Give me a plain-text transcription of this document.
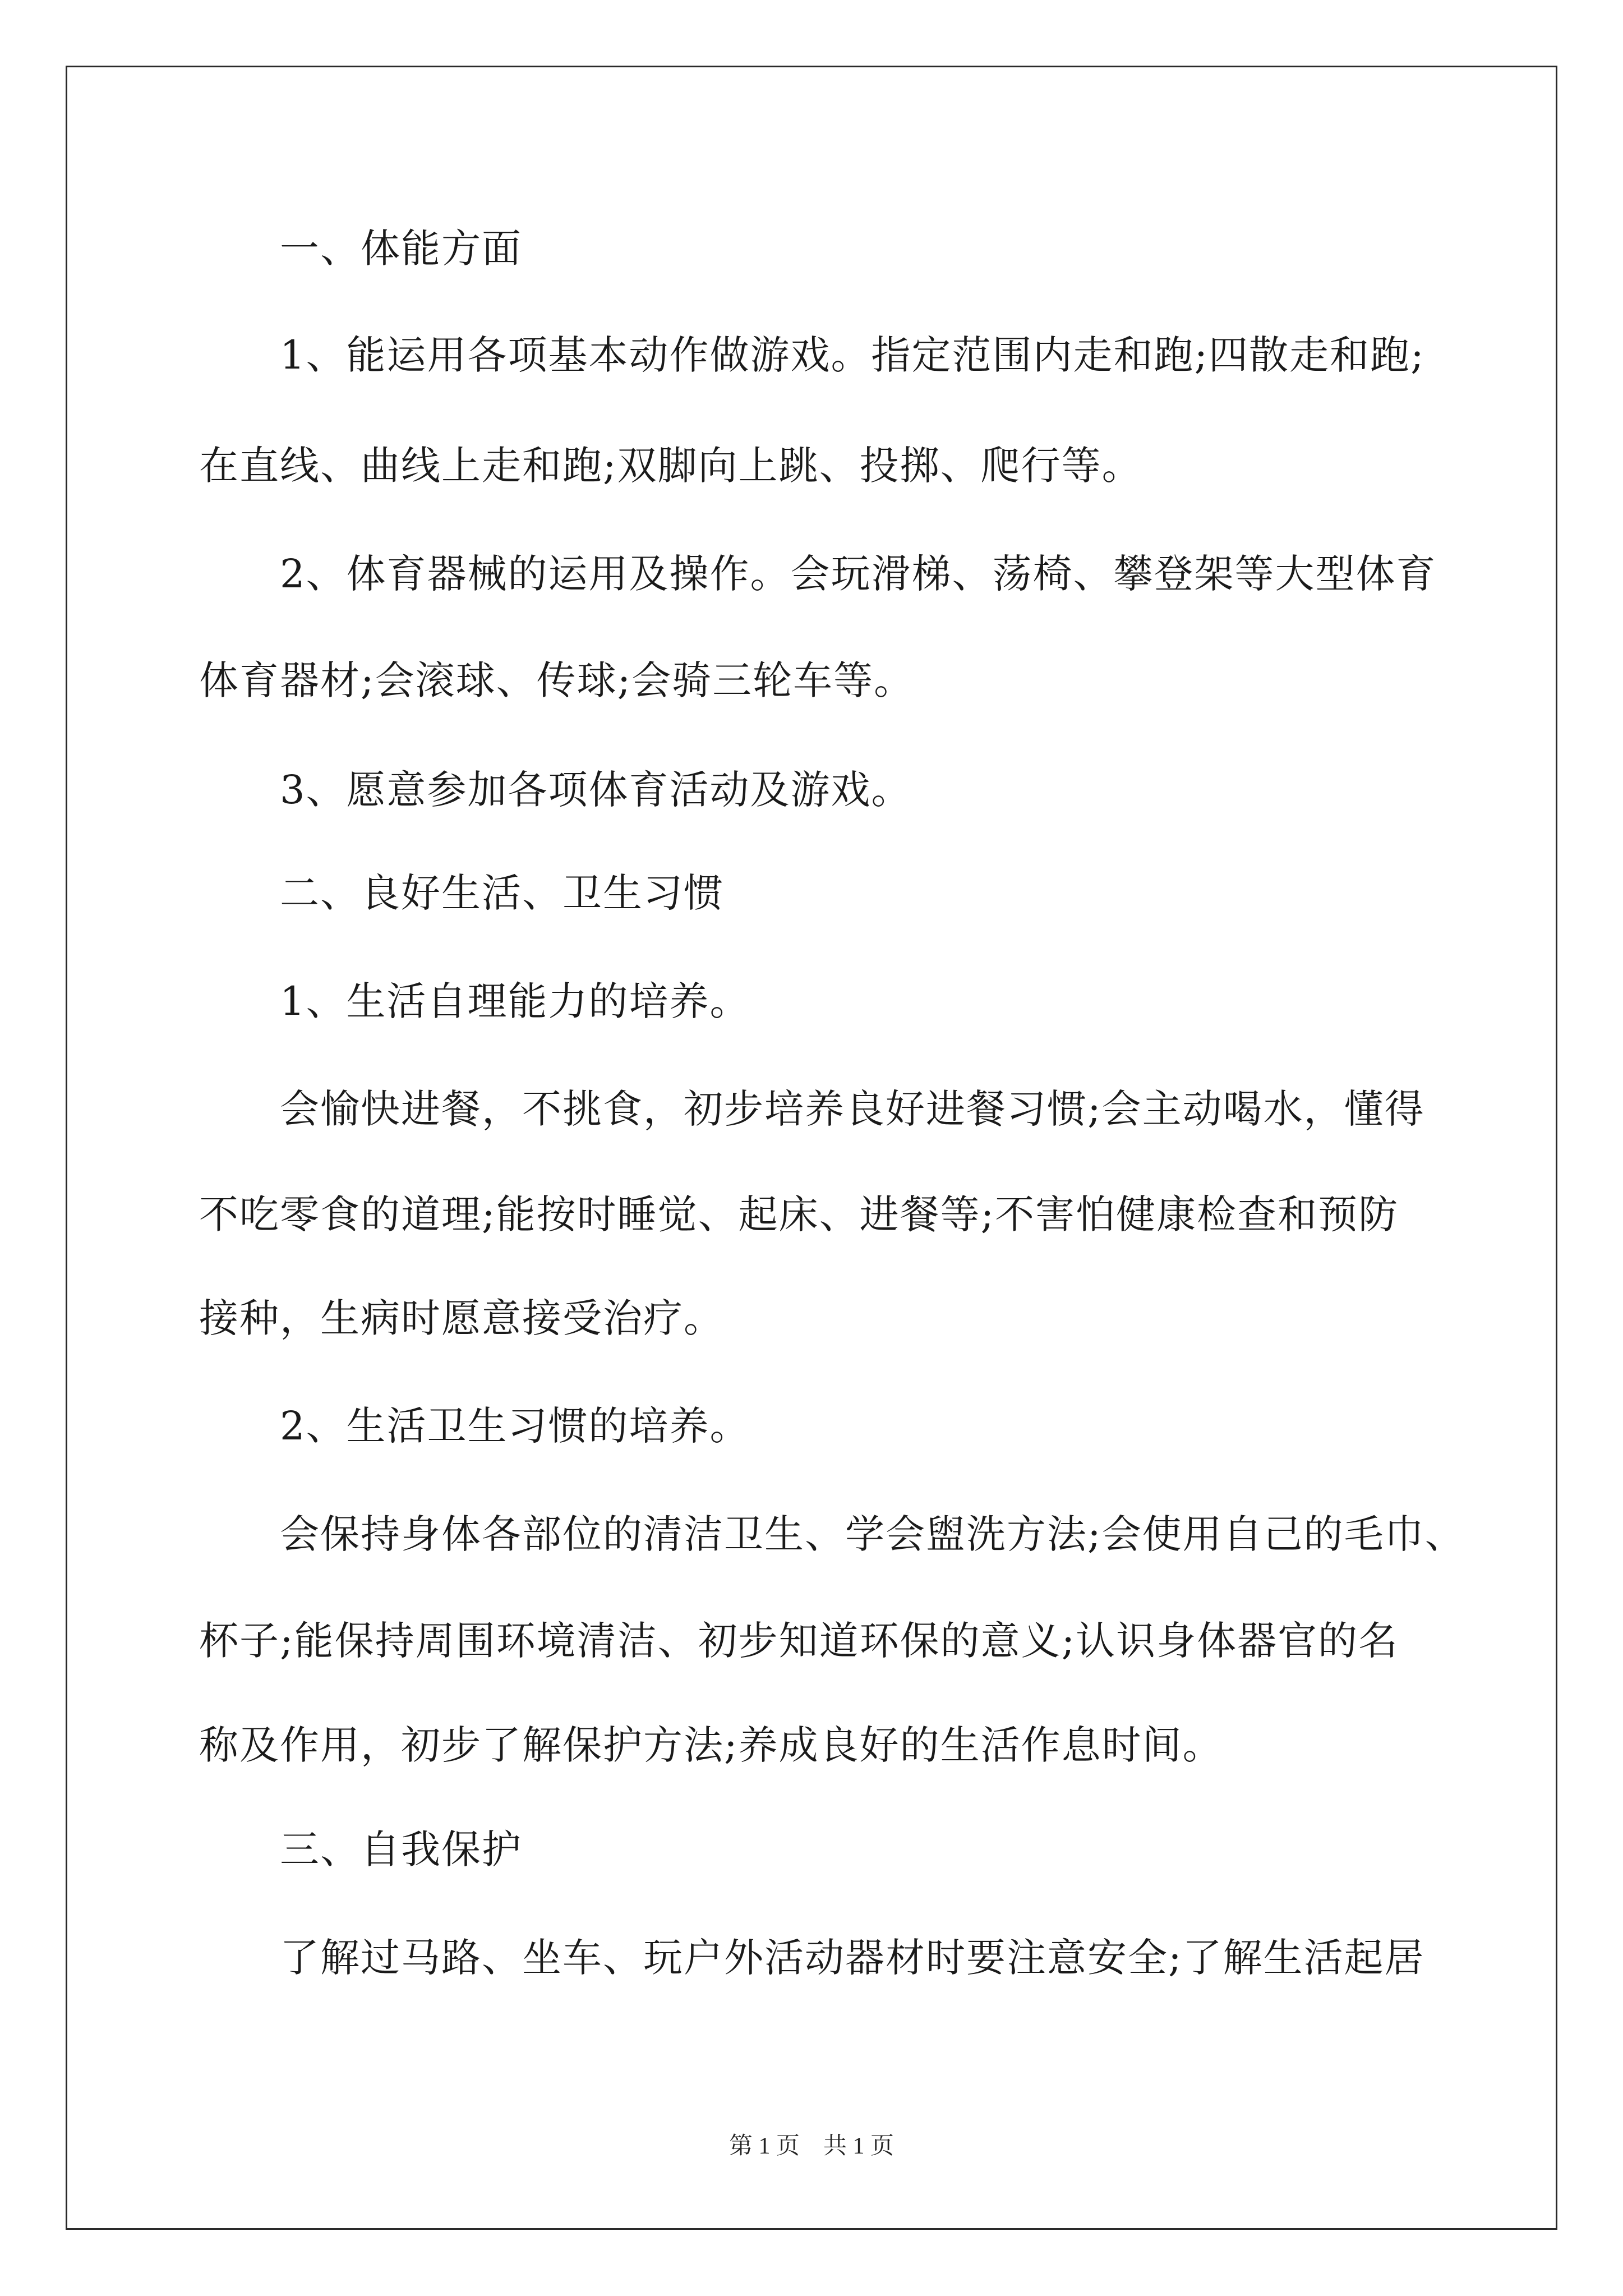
　　一、体能方面
　　1、能运用各项基本动作做游戏。指定范围内走和跑;四散走和跑;
在直线、曲线上走和跑;双脚向上跳、投掷、爬行等。
　　2、体育器械的运用及操作。会玩滑梯、荡椅、攀登架等大型体育
体育器材;会滚球、传球;会骑三轮车等。
　　3、愿意参加各项体育活动及游戏。
　　二、良好生活、卫生习惯
　　1、生活自理能力的培养。
　　会愉快进餐，不挑食，初步培养良好进餐习惯;会主动喝水，懂得
不吃零食的道理;能按时睡觉、起床、进餐等;不害怕健康检查和预防
接种，生病时愿意接受治疗。
　　2、生活卫生习惯的培养。
　　会保持身体各部位的清洁卫生、学会盥洗方法;会使用自己的毛巾、
杯子;能保持周围环境清洁、初步知道环保的意义;认识身体器官的名
称及作用，初步了解保护方法;养成良好的生活作息时间。
　　三、自我保护
　　了解过马路、坐车、玩户外活动器材时要注意安全;了解生活起居
第 1 页　共 1 页
